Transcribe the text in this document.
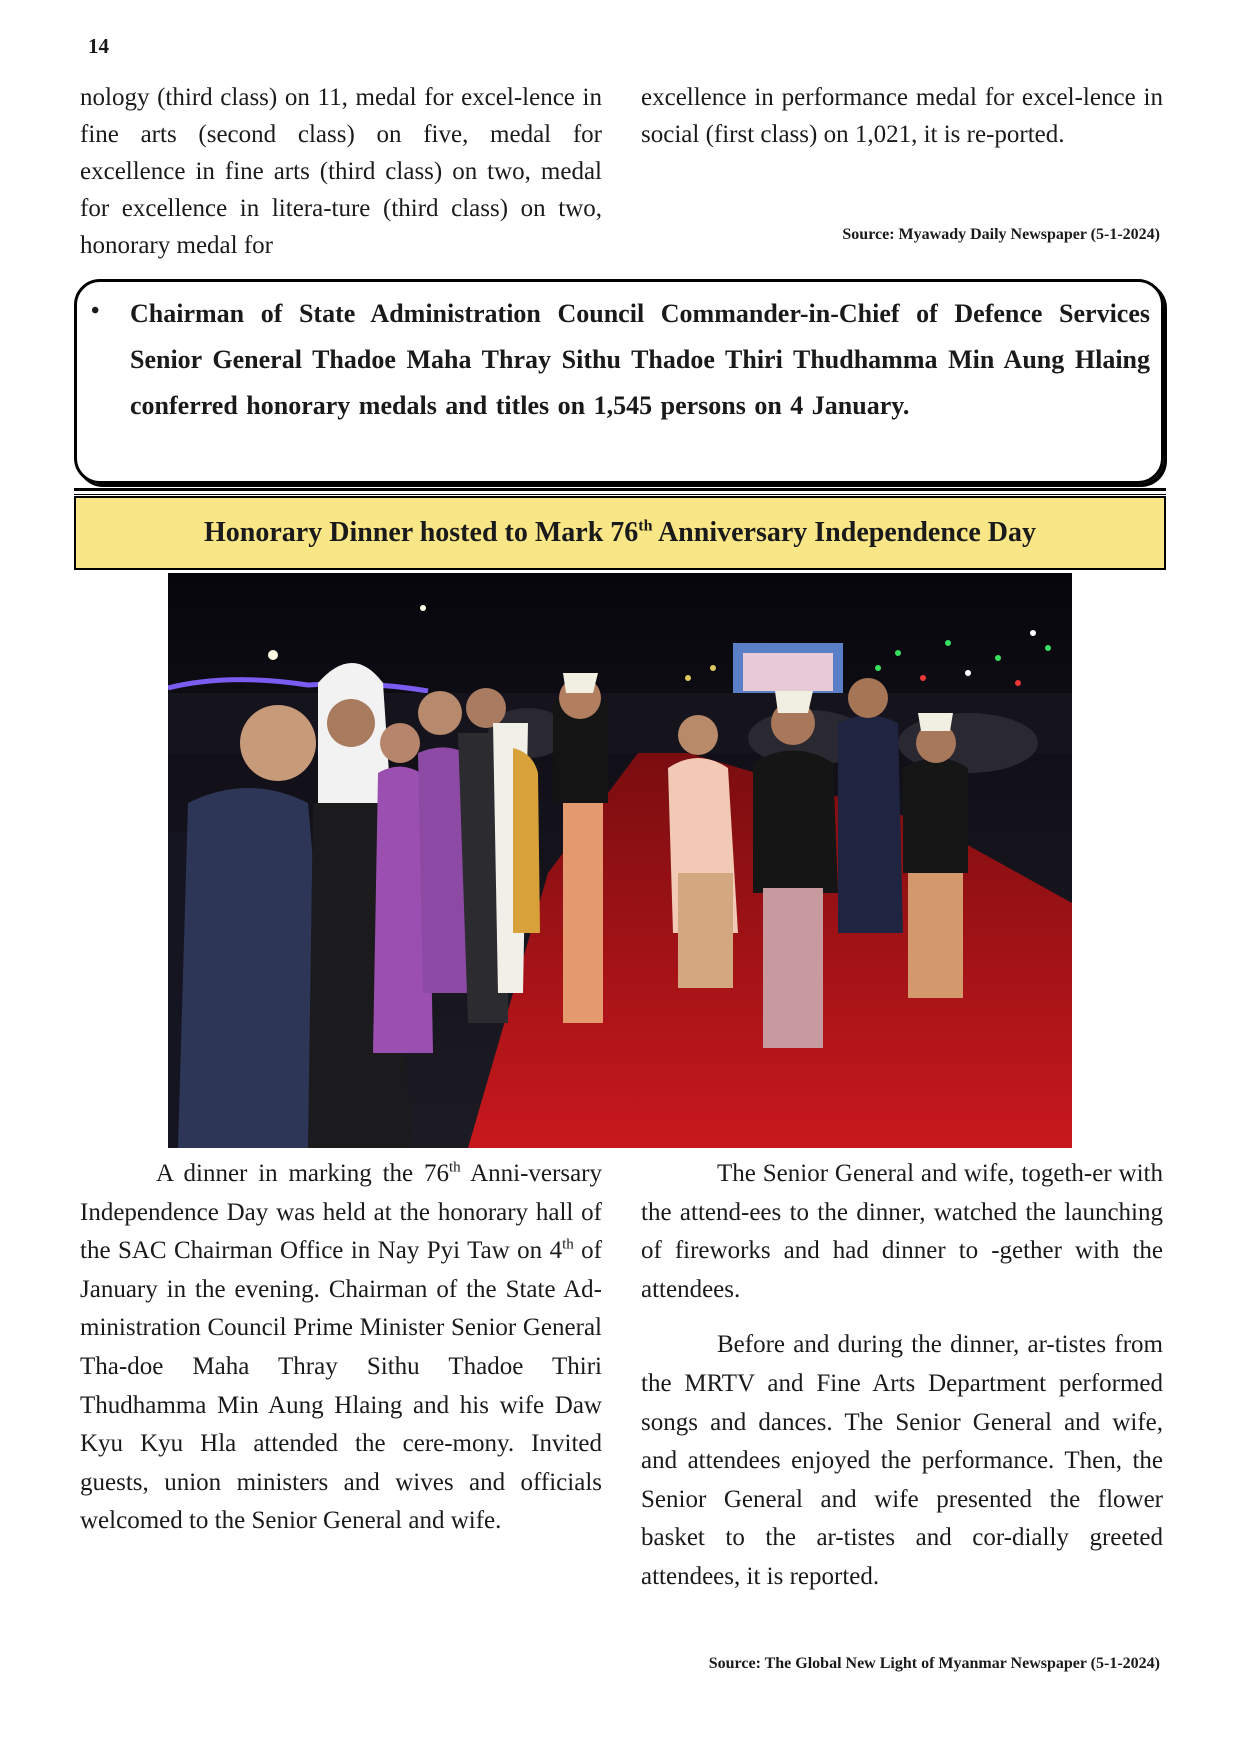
14

nology (third class) on 11, medal for excel-lence in fine arts (second class) on five, medal for excellence in fine arts (third class) on two, medal for excellence in litera-ture (third class) on two, honorary medal for

excellence in performance medal for excel-lence in social (first class) on 1,021, it is re-ported.

Source: Myawady Daily Newspaper (5-1-2024)
• Chairman of State Administration Council Commander-in-Chief of Defence Services Senior General Thadoe Maha Thray Sithu Thadoe Thiri Thudhamma Min Aung Hlaing conferred honorary medals and titles on 1,545 persons on 4 January.
Honorary Dinner hosted to Mark 76th Anniversary Independence Day

A dinner in marking the 76th Anni-versary Independence Day was held at the honorary hall of the SAC Chairman Office in Nay Pyi Taw on 4th of January in the evening. Chairman of the State Ad-ministration Council Prime Minister Senior General Tha-doe Maha Thray Sithu Thadoe Thiri Thudhamma Min Aung Hlaing and his wife Daw Kyu Kyu Hla attended the cere-mony. Invited guests, union ministers and wives and officials welcomed to the Senior General and wife.

The Senior General and wife, togeth-er with the attend-ees to the dinner, watched the launching of fireworks and had dinner to -gether with the attendees.

Before and during the dinner, ar-tistes from the MRTV and Fine Arts Department performed songs and dances. The Senior General and wife, and attendees enjoyed the performance. Then, the Senior General and wife presented the flower basket to the ar-tistes and cor-dially greeted attendees, it is reported.

Source: The Global New Light of Myanmar Newspaper (5-1-2024)
